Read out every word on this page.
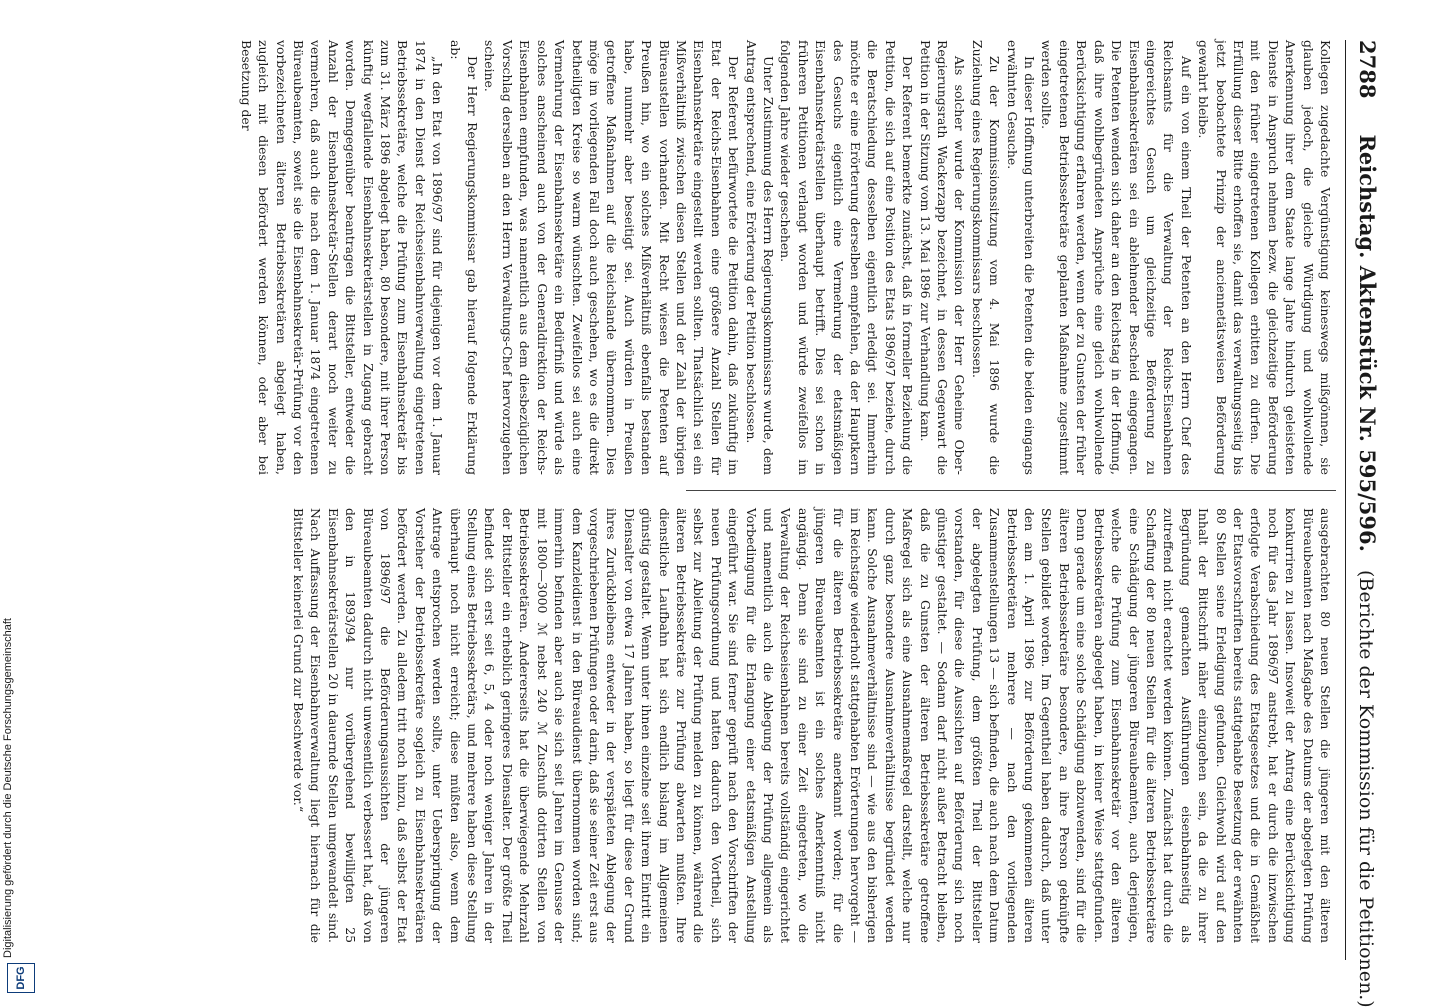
2788
Reichstag. Aktenstück Nr. 595/596.
(Berichte der Kommission für die Petitionen.)

Kollegen zugedachte Vergünstigung keineswegs mißgönnen, sie glauben jedoch, die gleiche Würdigung und wohlwollende Anerkennung ihrer dem Staate lange Jahre hindurch geleisteten Dienste in Anspruch nehmen bezw. die gleichzeitige Beförderung mit den früher eingetretenen Kollegen erbitten zu dürfen. Die Erfüllung dieser Bitte erhoffen sie, damit das verwaltungsseitig bis jetzt beobachtete Prinzip der anciennetätsweisen Beförderung gewahrt bleibe.

Auf ein von einem Theil der Petenten an den Herrn Chef des Reichsamts für die Verwaltung der Reichs-Eisenbahnen eingereichtes Gesuch um gleichzeitige Beförderung zu Eisenbahnsekretären sei ein ablehnender Bescheid eingegangen. Die Petenten wenden sich daher an den Reichstag in der Hoffnung, daß ihre wohlbegründeten Ansprüche eine gleich wohlwollende Berücksichtigung erfahren werden, wenn der zu Gunsten der früher eingetretenen Betriebssekretäre geplanten Maßnahme zugestimmt werden sollte.

In dieser Hoffnung unterbreiten die Petenten die beiden eingangs erwähnten Gesuche.

Zu der Kommissionssitzung vom 4. Mai 1896 wurde die Zuziehung eines Regierungskommissars beschlossen.

Als solcher wurde der Kommission der Herr Geheime Ober-Regierungsrath Wackerzapp bezeichnet, in dessen Gegenwart die Petition in der Sitzung vom 13. Mai 1896 zur Verhandlung kam.

Der Referent bemerkte zunächst, daß in formeller Beziehung die Petition, die sich auf eine Position des Etats 1896/97 beziehe, durch die Beratschiedung desselben eigentlich erledigt sei. Immerhin möchte er eine Erörterung derselben empfehlen, da der Hauptkern des Gesuchs eigentlich eine Vermehrung der etatsmäßigen Eisenbahnsekretärstellen überhaupt betrifft. Dies sei schon in früheren Petitionen verlangt worden und würde zweifellos im folgenden Jahre wieder geschehen.

Unter Zustimmung des Herrn Regierungskommissars wurde, dem Antrag entsprechend, eine Erörterung der Petition beschlossen.

Der Referent befürwortete die Petition dahin, daß zukünftig im Etat der Reichs-Eisenbahnen eine größere Anzahl Stellen für Eisenbahnsekretäre eingestellt werden sollten. Thatsächlich sei ein Mißverhältniß zwischen diesen Stellen und der Zahl der übrigen Büreaustellen vorhanden. Mit Recht wiesen die Petenten auf Preußen hin, wo ein solches Mißverhältniß ebenfalls bestanden habe, nunmehr aber beseitigt sei. Auch würden in Preußen getroffene Maßnahmen auf die Reichslande übernommen. Dies möge im vorliegenden Fall doch auch geschehen, wo es die direkt betheiligten Kreise so warm wünschten. Zweifellos sei auch eine Vermehrung der Eisenbahnsekretäre ein Bedürfniß und würde als solches anscheinend auch von der Generaldirektion der Reichs-Eisenbahnen empfunden, was namentlich aus dem diesbezüglichen Vorschlag derselben an den Herrn Verwaltungs-Chef hervorzugehen scheine.

Der Herr Regierungskommissar gab hierauf folgende Erklärung ab:

„In den Etat von 1896/97 sind für diejenigen vor dem 1. Januar 1874 in den Dienst der Reichseisenbahnverwaltung eingetretenen Betriebssekretäre, welche die Prüfung zum Eisenbahnsekretär bis zum 31. März 1896 abgelegt haben, 80 besondere, mit ihrer Person künftig wegfallende Eisenbahnsekretärstellen in Zugang gebracht worden. Demgegenüber beantragen die Bittsteller, entweder die Anzahl der Eisenbahnsekretär-Stellen derart noch weiter zu vermehren, daß auch die nach dem 1. Januar 1874 eingetretenen Büreaubeamten, soweit sie die Eisenbahnsekretär-Prüfung vor den vorbezeichneten älteren Betriebssekretären abgelegt haben, zugleich mit diesen befördert werden können, oder aber bei Besetzung der

ausgebrachten 80 neuen Stellen die jüngeren mit den älteren Büreaubeamten nach Maßgabe des Datums der abgelegten Prüfung konkurriren zu lassen. Insoweit der Antrag eine Berücksichtigung noch für das Jahr 1896/97 anstrebt, hat er durch die inzwischen erfolgte Verabschiedung des Etatsgesetzes und die in Gemäßheit der Etatsvorschriften bereits stattgehabte Besetzung der erwähnten 80 Stellen seine Erledigung gefunden. Gleichwohl wird auf den Inhalt der Bittschrift näher einzugehen sein, da die zu ihrer Begründung gemachten Ausführungen eisenbahnseitig als zutreffend nicht erachtet werden können. Zunächst hat durch die Schaffung der 80 neuen Stellen für die älteren Betriebssekretäre eine Schädigung der jüngeren Büreaubeamten, auch derjenigen, welche die Prüfung zum Eisenbahnsekretär vor den älteren Betriebssekretären abgelegt haben, in keiner Weise stattgefunden. Denn gerade um eine solche Schädigung abzuwenden, sind für die älteren Betriebssekretäre besondere, an ihre Person geknüpfte Stellen gebildet worden. Im Gegentheil haben dadurch, daß unter den am 1. April 1896 zur Beförderung gekommenen älteren Betriebssekretären mehrere — nach den vorliegenden Zusammenstellungen 13 — sich befinden, die auch nach dem Datum der abgelegten Prüfung, dem größten Theil der Bittsteller vorstanden, für diese die Aussichten auf Beförderung sich noch günstiger gestaltet. — Sodann darf nicht außer Betracht bleiben, daß die zu Gunsten der älteren Betriebssekretäre getroffene Maßregel sich als eine Ausnahmemaßregel darstellt, welche nur durch ganz besondere Ausnahmeverhältnisse begründet werden kann. Solche Ausnahmeverhältnisse sind — wie aus den bisherigen im Reichstage wiederholt stattgehabten Erörterungen hervorgeht — für die älteren Betriebssekretäre anerkannt worden; für die jüngeren Büreaubeamten ist ein solches Anerkenntniß nicht angängig. Denn sie sind zu einer Zeit eingetreten, wo die Verwaltung der Reichseisenbahnen bereits vollständig eingerichtet und namentlich auch die Ablegung der Prüfung allgemein als Vorbedingung für die Erlangung einer etatsmäßigen Anstellung eingeführt war. Sie sind ferner geprüft nach den Vorschriften der neuen Prüfungsordnung und hatten dadurch den Vortheil, sich selbst zur Ableitung der Prüfung melden zu können, während die älteren Betriebssekretäre zur Prüfung abwarten mußten. Ihre dienstliche Laufbahn hat sich endlich bislang im Allgemeinen günstig gestaltet. Wenn unter ihnen einzelne seit ihrem Eintritt ein Diensalter von etwa 17 Jahren haben, so liegt für diese der Grund ihres Zurückbleibens entweder in der verspäteten Ablegung der vorgeschriebenen Prüfungen oder darin, daß sie seiner Zeit erst aus dem Kanzleidienst in den Büreaudienst übernommen worden sind; immerhin befinden aber auch sie sich seit Jahren im Genusse der mit 1800—3000 ℳ nebst 240 ℳ Zuschuß dotirten Stellen von Betriebssekretären. Andererseits hat die überwiegende Mehrzahl der Bittsteller ein erheblich geringeres Diensalter. Der größte Theil befindet sich erst seit 6, 5, 4 oder noch weniger Jahren in der Stellung eines Betriebssekretärs, und mehrere haben diese Stellung überhaupt noch nicht erreicht; diese müßten also, wenn dem Antrage entsprochen werden sollte, unter Ueberspringung der Vorsteher der Betriebssekretäre sogleich zu Eisenbahnsekretären befördert werden. Zu alledem tritt noch hinzu, daß selbst der Etat von 1896/97 die Beförderungsaussichten der jüngeren Büreaubeamten dadurch nicht unwesentlich verbessert hat, daß von den in 1893/94 nur vorübergehend bewilligten 25 Eisenbahnsekretärstellen 20 in dauernde Stellen umgewandelt sind. Nach Auffassung der Eisenbahnverwaltung liegt hiernach für die Bittsteller keinerlei Grund zur Beschwerde vor.“

Digitalisierung gefördert durch die Deutsche Forschungsgemeinschaft
DFG
